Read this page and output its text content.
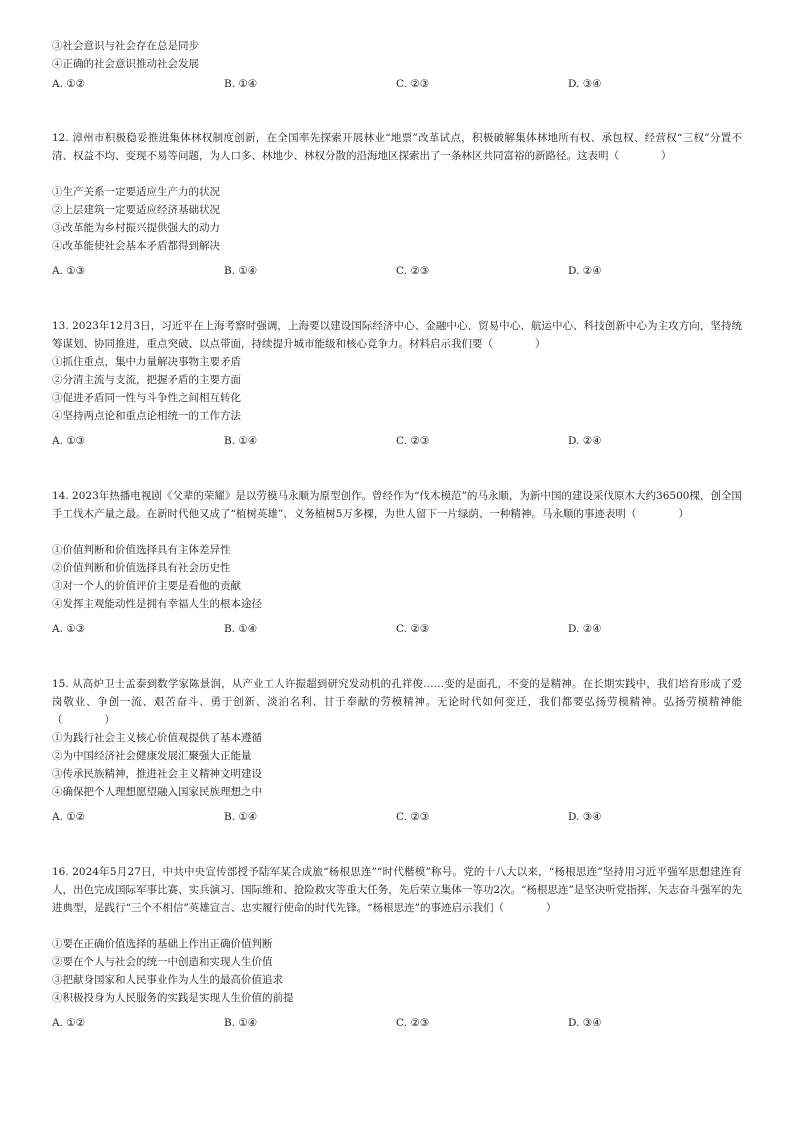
③社会意识与社会存在总是同步
④正确的社会意识推动社会发展
A. ①②	B. ①④	C. ②③	D. ③④
12. 漳州市积极稳妥推进集体林权制度创新，在全国率先探索开展林业“地票”改革试点，积极破解集体林地所有权、承包权、经营权“三权”分置不清、权益不均、变现不易等问题，为人口多、林地少、林权分散的沿海地区探索出了一条林区共同富裕的新路径。这表明（　　　　）
①生产关系一定要适应生产力的状况
②上层建筑一定要适应经济基础状况
③改革能为乡村振兴提供强大的动力
④改革能使社会基本矛盾都得到解决
A. ①③	B. ①④	C. ②③	D. ②④
13. 2023年12月3日，习近平在上海考察时强调，上海要以建设国际经济中心、金融中心、贸易中心、航运中心、科技创新中心为主攻方向，坚持统筹谋划、协同推进，重点突破、以点带面，持续提升城市能级和核心竞争力。材料启示我们要（　　　　）
①抓住重点，集中力量解决事物主要矛盾
②分清主流与支流，把握矛盾的主要方面
③促进矛盾同一性与斗争性之间相互转化
④坚持两点论和重点论相统一的工作方法
A. ①③	B. ①④	C. ②③	D. ②④
14. 2023年热播电视剧《父辈的荣耀》是以劳模马永顺为原型创作。曾经作为“伐木模范”的马永顺，为新中国的建设采伐原木大约36500棵，创全国手工伐木产量之最。在新时代他又成了“植树英雄”、义务植树5万多棵，为世人留下一片绿荫、一种精神。马永顺的事迹表明（　　　　）
①价值判断和价值选择具有主体差异性
②价值判断和价值选择具有社会历史性
③对一个人的价值评价主要是看他的贡献
④发挥主观能动性是拥有幸福人生的根本途径
A. ①③	B. ①④	C. ②③	D. ②④
15. 从高炉卫士孟泰到数学家陈景润，从产业工人许振超到研究发动机的孔祥俊……变的是面孔，不变的是精神。在长期实践中，我们培育形成了爱岗敬业、争创一流、艰苦奋斗、勇于创新、淡泊名利、甘于奉献的劳模精神。无论时代如何变迁，我们都要弘扬劳模精神。弘扬劳模精神能（　　　　）
①为践行社会主义核心价值观提供了基本遵循
②为中国经济社会健康发展汇聚强大正能量
③传承民族精神，推进社会主义精神文明建设
④确保把个人理想愿望融入国家民族理想之中
A. ①②	B. ①④	C. ②③	D. ③④
16. 2024年5月27日，中共中央宣传部授予陆军某合成旅“杨根思连”“时代楷模”称号。党的十八大以来，“杨根思连”坚持用习近平强军思想建连育人，出色完成国际军事比赛、实兵演习、国际维和、抢险救灾等重大任务，先后荣立集体一等功2次。“杨根思连”是坚决听党指挥、矢志奋斗强军的先进典型，是践行“三个不相信”英雄宣言、忠实履行使命的时代先锋。“杨根思连”的事迹启示我们（　　　　）
①要在正确价值选择的基础上作出正确价值判断
②要在个人与社会的统一中创造和实现人生价值
③把献身国家和人民事业作为人生的最高价值追求
④积极投身为人民服务的实践是实现人生价值的前提
A. ①②	B. ①④	C. ②③	D. ③④
